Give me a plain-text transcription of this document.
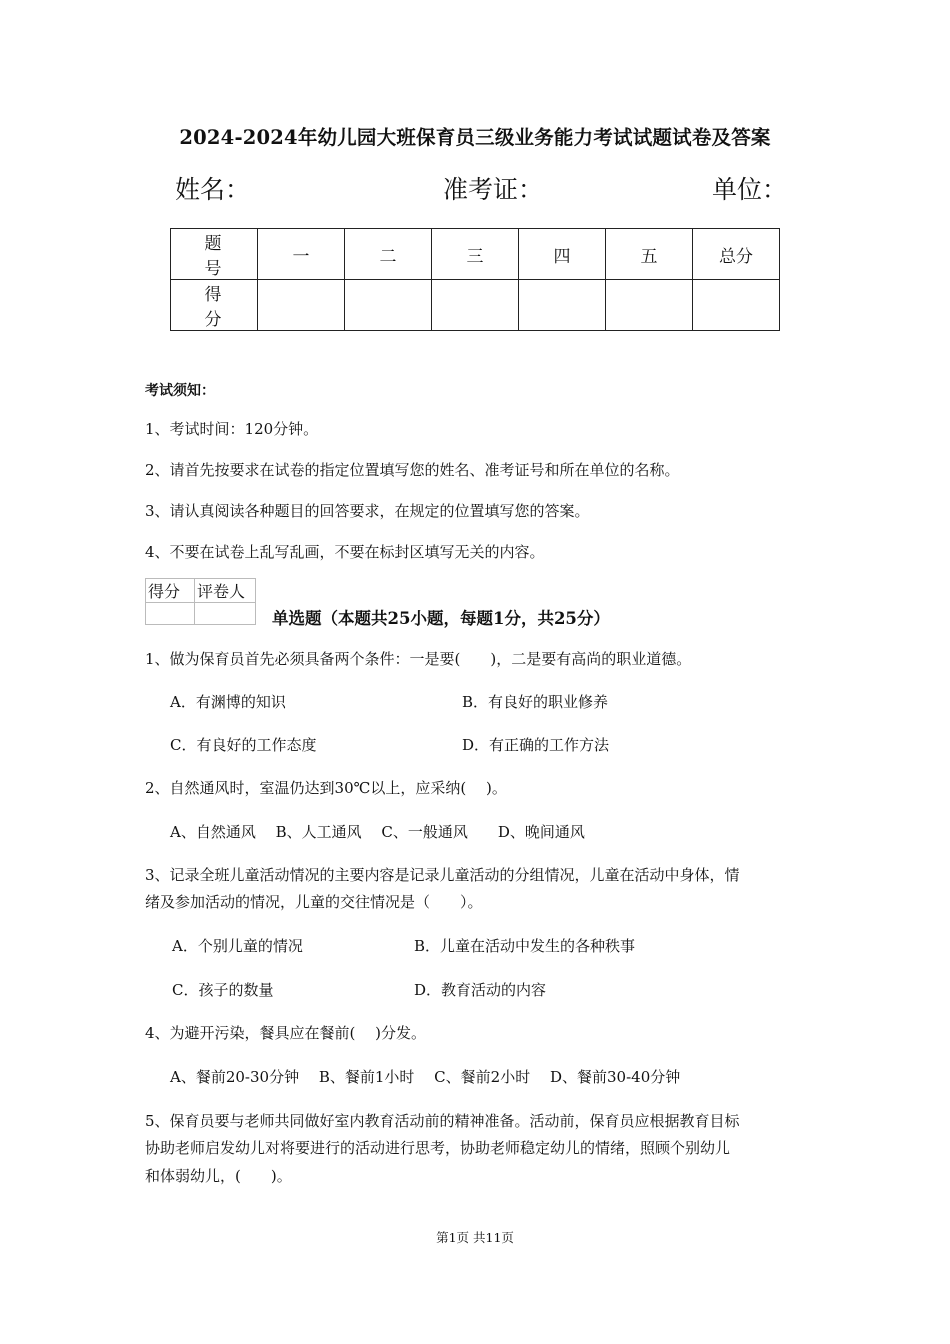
2024-2024年幼儿园大班保育员三级业务能力考试试题试卷及答案
姓名：	准考证：	单位：
题号	一	二	三	四	五	总分
得分						
考试须知：
1、考试时间：120分钟。
2、请首先按要求在试卷的指定位置填写您的姓名、准考证号和所在单位的名称。
3、请认真阅读各种题目的回答要求，在规定的位置填写您的答案。
4、不要在试卷上乱写乱画，不要在标封区填写无关的内容。
得分	评卷人

单选题（本题共25小题，每题1分，共25分）
1、做为保育员首先必须具备两个条件：一是要(　　)，二是要有高尚的职业道德。
A．有渊博的知识	B．有良好的职业修养
C．有良好的工作态度	D．有正确的工作方法
2、自然通风时，室温仍达到30℃以上，应采纳(　 )。
A、自然通风　 B、人工通风　 C、一般通风　　D、晚间通风
3、记录全班儿童活动情况的主要内容是记录儿童活动的分组情况，儿童在活动中身体，情
绪及参加活动的情况，儿童的交往情况是（　　）。
A．个别儿童的情况	B．儿童在活动中发生的各种秩事
C．孩子的数量	D．教育活动的内容
4、为避开污染，餐具应在餐前(　 )分发。
A、餐前20-30分钟　 B、餐前1小时　 C、餐前2小时　 D、餐前30-40分钟
5、保育员要与老师共同做好室内教育活动前的精神准备。活动前，保育员应根据教育目标
协助老师启发幼儿对将要进行的活动进行思考，协助老师稳定幼儿的情绪，照顾个别幼儿
和体弱幼儿，(　　)。
第1页 共11页
